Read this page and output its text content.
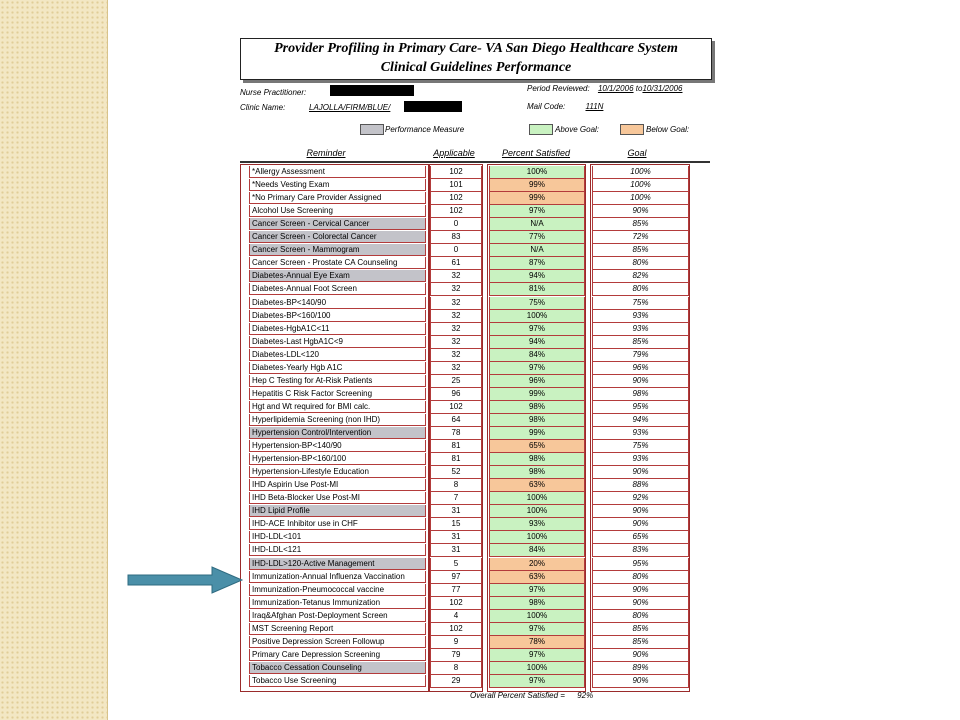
Provider Profiling in Primary Care- VA San Diego Healthcare System
Clinical Guidelines Performance
Nurse Practitioner:	Period Reviewed: 10/1/2006 to10/31/2006
Clinic Name:	LAJOLLA/FIRM/BLUE/	Mail Code:	111N
Performance Measure	Above Goal:	Below Goal:
Reminder	Applicable	Percent Satisfied	Goal
*Allergy Assessment	102	100%	100%
*Needs Vesting Exam	101	99%	100%
*No Primary Care Provider Assigned	102	99%	100%
Alcohol Use Screening	102	97%	90%
Cancer Screen - Cervical Cancer	0	N/A	85%
Cancer Screen - Colorectal Cancer	83	77%	72%
Cancer Screen - Mammogram	0	N/A	85%
Cancer Screen - Prostate CA Counseling	61	87%	80%
Diabetes-Annual Eye Exam	32	94%	82%
Diabetes-Annual Foot Screen	32	81%	80%
Diabetes-BP<140/90	32	75%	75%
Diabetes-BP<160/100	32	100%	93%
Diabetes-HgbA1C<11	32	97%	93%
Diabetes-Last HgbA1C<9	32	94%	85%
Diabetes-LDL<120	32	84%	79%
Diabetes-Yearly Hgb A1C	32	97%	96%
Hep C Testing for At-Risk Patients	25	96%	90%
Hepatitis C Risk Factor Screening	96	99%	98%
Hgt and Wt required for BMI calc.	102	98%	95%
Hyperlipidemia Screening (non IHD)	64	98%	94%
Hypertension Control/Intervention	78	99%	93%
Hypertension-BP<140/90	81	65%	75%
Hypertension-BP<160/100	81	98%	93%
Hypertension-Lifestyle Education	52	98%	90%
IHD Aspirin Use Post-MI	8	63%	88%
IHD Beta-Blocker Use Post-MI	7	100%	92%
IHD Lipid Profile	31	100%	90%
IHD-ACE Inhibitor use in CHF	15	93%	90%
IHD-LDL<101	31	100%	65%
IHD-LDL<121	31	84%	83%
IHD-LDL>120-Active Management	5	20%	95%
Immunization-Annual Influenza Vaccination	97	63%	80%
Immunization-Pneumococcal vaccine	77	97%	90%
Immunization-Tetanus Immunization	102	98%	90%
Iraq&Afghan Post-Deployment Screen	4	100%	80%
MST Screening Report	102	97%	85%
Positive Depression Screen Followup	9	78%	85%
Primary Care Depression Screening	79	97%	90%
Tobacco Cessation Counseling	8	100%	89%
Tobacco Use Screening	29	97%	90%
Overall Percent Satisfied = 92%
